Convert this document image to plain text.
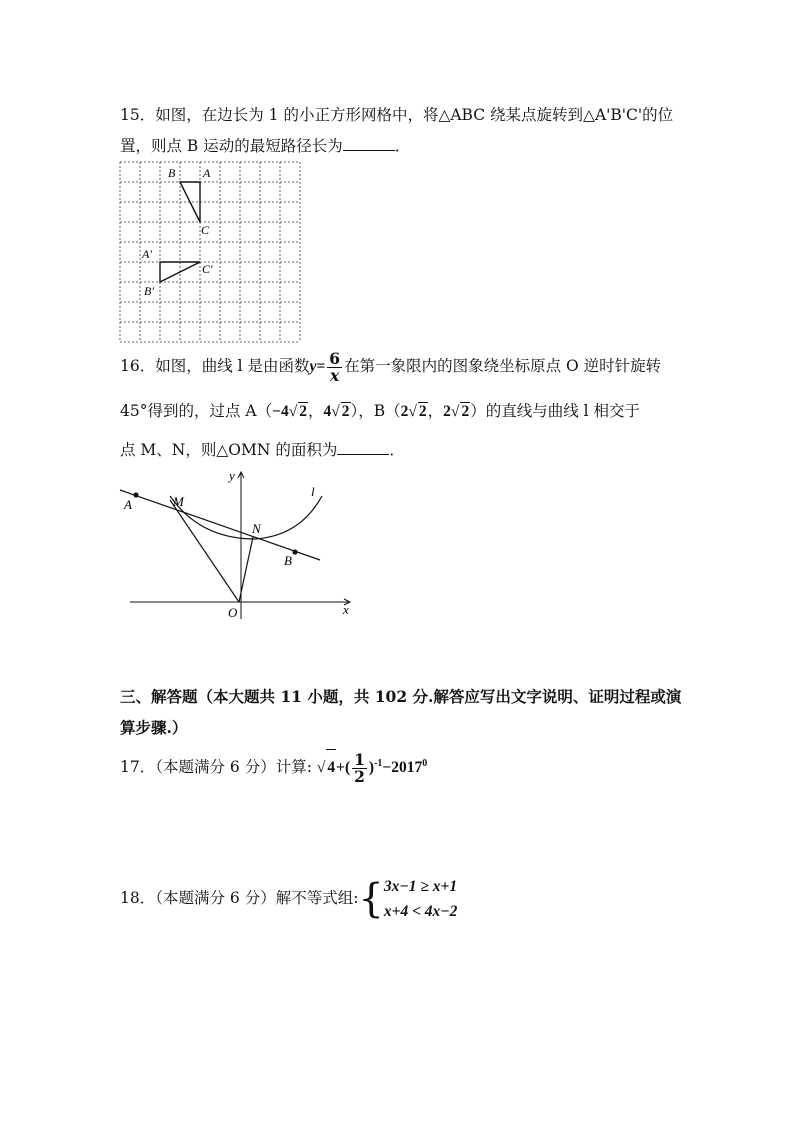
15．如图，在边长为 1 的小正方形网格中，将△ABC 绕某点旋转到△A'B'C'的位
置，则点 B 运动的最短路径长为	．
B A
C
A′
C′
B′
16．如图，曲线 l 是由函数$y= \frac{6}{x}$ 在第一象限内的图象绕坐标原点 O 逆时针旋转
45°得到的，过点 A（−4√ 2，4√ 2），B（2√ 2，2√ 2）的直线与曲线 l 相交于
点 M、N，则△OMN 的面积为	．
y
x
O
A	M
N
B
l
三、解答题（本大题共 11 小题，共 102 分.解答应写出文字说明、证明过程或演
算步骤.）
17．（本题满分 6 分）计算: √ $4+( \frac{1}{2} )^{-1}-2017^0$
18．（本题满分 6 分）解不等式组:{3x−1 ≥ x+1
x+4 < 4x−2
